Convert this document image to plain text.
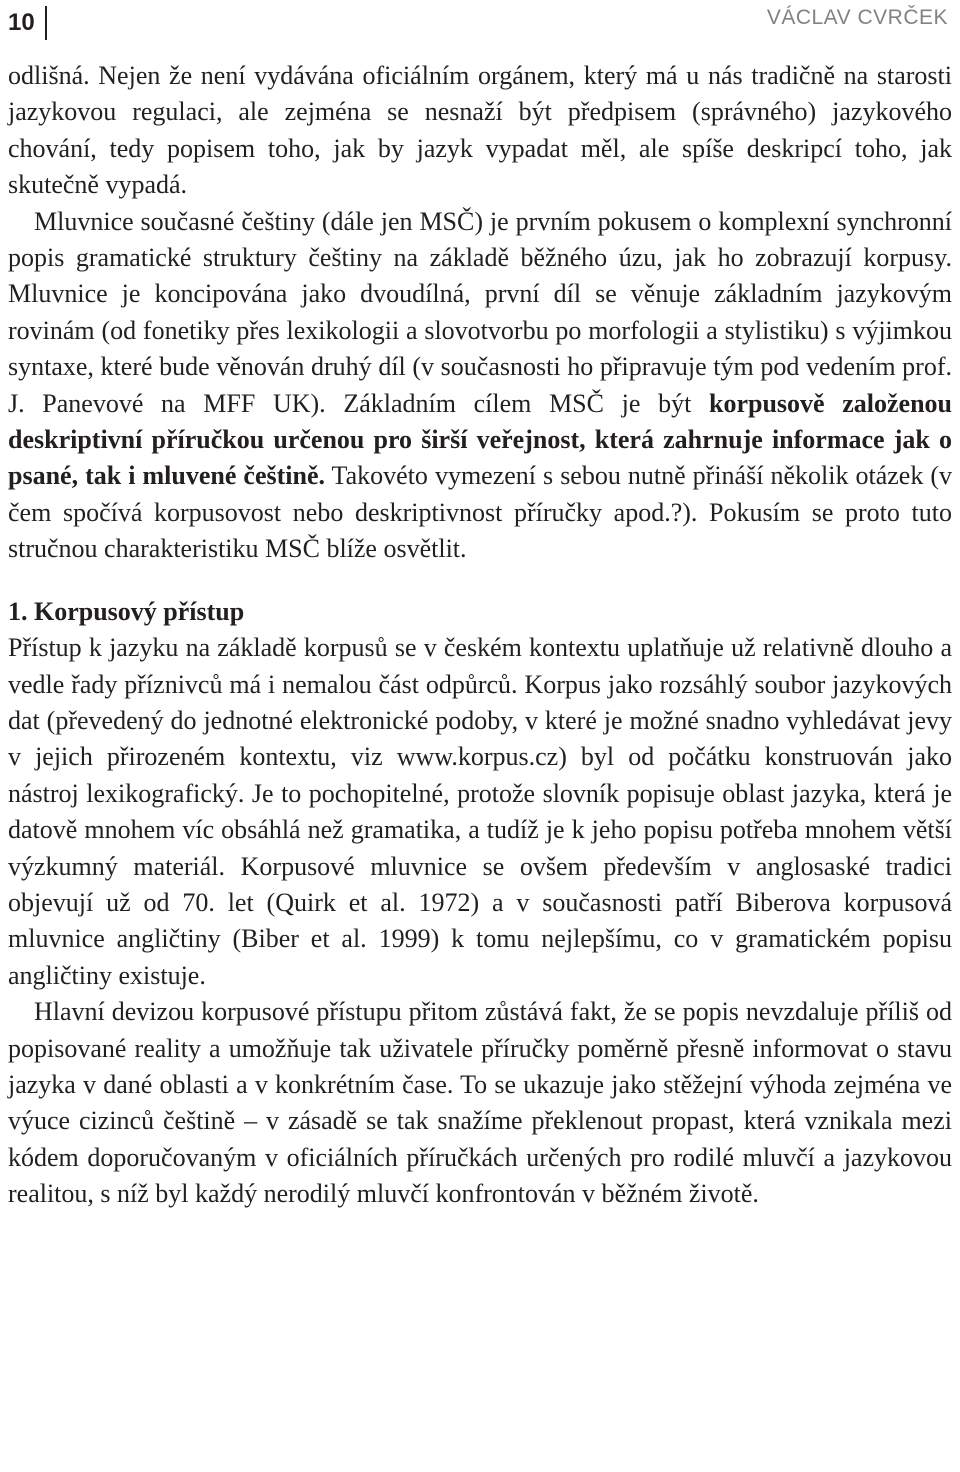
10	VÁCLAV CVRČEK

odlišná. Nejen že není vydávána oficiálním orgánem, který má u nás tradičně na starosti jazykovou regulaci, ale zejména se nesnaží být předpisem (správného) jazykového chování, tedy popisem toho, jak by jazyk vypadat měl, ale spíše deskripcí toho, jak skutečně vypadá.

Mluvnice současné češtiny (dále jen MSČ) je prvním pokusem o komplexní synchronní popis gramatické struktury češtiny na základě běžného úzu, jak ho zobrazují korpusy. Mluvnice je koncipována jako dvoudílná, první díl se věnuje základním jazykovým rovinám (od fonetiky přes lexikologii a slovotvorbu po morfologii a stylistiku) s výjimkou syntaxe, které bude věnován druhý díl (v současnosti ho připravuje tým pod vedením prof. J. Panevové na MFF UK). Základním cílem MSČ je být korpusově založenou deskriptivní příručkou určenou pro širší veřejnost, která zahrnuje informace jak o psané, tak i mluvené češtině. Takovéto vymezení s sebou nutně přináší několik otázek (v čem spočívá korpusovost nebo deskriptivnost příručky apod.?). Pokusím se proto tuto stručnou charakteristiku MSČ blíže osvětlit.

1. Korpusový přístup

Přístup k jazyku na základě korpusů se v českém kontextu uplatňuje už relativně dlouho a vedle řady příznivců má i nemalou část odpůrců. Korpus jako rozsáhlý soubor jazykových dat (převedený do jednotné elektronické podoby, v které je možné snadno vyhledávat jevy v jejich přirozeném kontextu, viz www.korpus.cz) byl od počátku konstruován jako nástroj lexikografický. Je to pochopitelné, protože slovník popisuje oblast jazyka, která je datově mnohem víc obsáhlá než gramatika, a tudíž je k jeho popisu potřeba mnohem větší výzkumný materiál. Korpusové mluvnice se ovšem především v anglosaské tradici objevují už od 70. let (Quirk et al. 1972) a v současnosti patří Biberova korpusová mluvnice angličtiny (Biber et al. 1999) k tomu nejlepšímu, co v gramatickém popisu angličtiny existuje.

Hlavní devizou korpusové přístupu přitom zůstává fakt, že se popis nevzdaluje příliš od popisované reality a umožňuje tak uživatele příručky poměrně přesně informovat o stavu jazyka v dané oblasti a v konkrétním čase. To se ukazuje jako stěžejní výhoda zejména ve výuce cizinců češtině – v zásadě se tak snažíme překlenout propast, která vznikala mezi kódem doporučovaným v oficiálních příručkách určených pro rodilé mluvčí a jazykovou realitou, s níž byl každý nerodilý mluvčí konfrontován v běžném životě.
